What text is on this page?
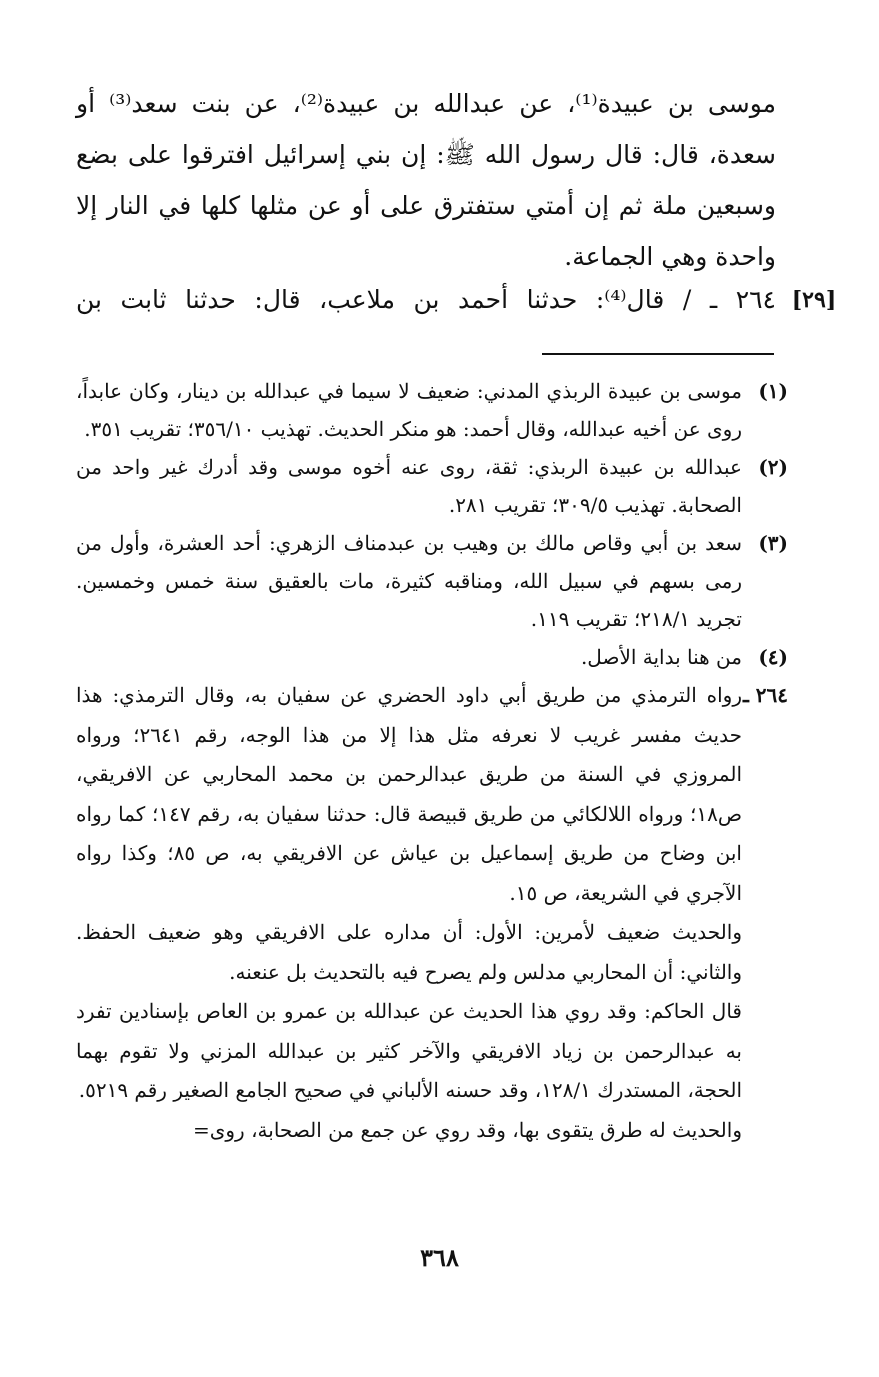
موسى بن عبيدة⁽¹⁾، عن عبدالله بن عبيدة⁽²⁾، عن بنت سعد⁽³⁾ أو سعدة، قال: قال رسول الله ﷺ: إن بني إسرائيل افترقوا على بضع وسبعين ملة ثم إن أمتي ستفترق على أو عن مثلها كلها في النار إلا واحدة وهي الجماعة.

٢٦٤ ـ / قال⁽⁴⁾: حدثنا أحمد بن ملاعب، قال: حدثنا ثابت بن [٢٩]
(١)
موسى بن عبيدة الربذي المدني: ضعيف لا سيما في عبدالله بن دينار، وكان عابداً، روى عن أخيه عبدالله، وقال أحمد: هو منكر الحديث. تهذيب ٣٥٦/١٠؛ تقريب ٣٥١.
(٢)
عبدالله بن عبيدة الربذي: ثقة، روى عنه أخوه موسى وقد أدرك غير واحد من الصحابة. تهذيب ٣٠٩/٥؛ تقريب ٢٨١.
(٣)
سعد بن أبي وقاص مالك بن وهيب بن عبدمناف الزهري: أحد العشرة، وأول من رمى بسهم في سبيل الله، ومناقبه كثيرة، مات بالعقيق سنة خمس وخمسين. تجريد ٢١٨/١؛ تقريب ١١٩.
(٤)
من هنا بداية الأصل.
٢٦٤ ـ
رواه الترمذي من طريق أبي داود الحضري عن سفيان به، وقال الترمذي: هذا حديث مفسر غريب لا نعرفه مثل هذا إلا من هذا الوجه، رقم ٢٦٤١؛ ورواه المروزي في السنة من طريق عبدالرحمن بن محمد المحاربي عن الافريقي، ص١٨؛ ورواه اللالكائي من طريق قبيصة قال: حدثنا سفيان به، رقم ١٤٧؛ كما رواه ابن وضاح من طريق إسماعيل بن عياش عن الافريقي به، ص ٨٥؛ وكذا رواه الآجري في الشريعة، ص ١٥.
والحديث ضعيف لأمرين: الأول: أن مداره على الافريقي وهو ضعيف الحفظ. والثاني: أن المحاربي مدلس ولم يصرح فيه بالتحديث بل عنعنه.
قال الحاكم: وقد روي هذا الحديث عن عبدالله بن عمرو بن العاص بإسنادين تفرد به عبدالرحمن بن زياد الافريقي والآخر كثير بن عبدالله المزني ولا تقوم بهما الحجة، المستدرك ١٢٨/١، وقد حسنه الألباني في صحيح الجامع الصغير رقم ٥٢١٩.
والحديث له طرق يتقوى بها، وقد روي عن جمع من الصحابة، روى=
٣٦٨
